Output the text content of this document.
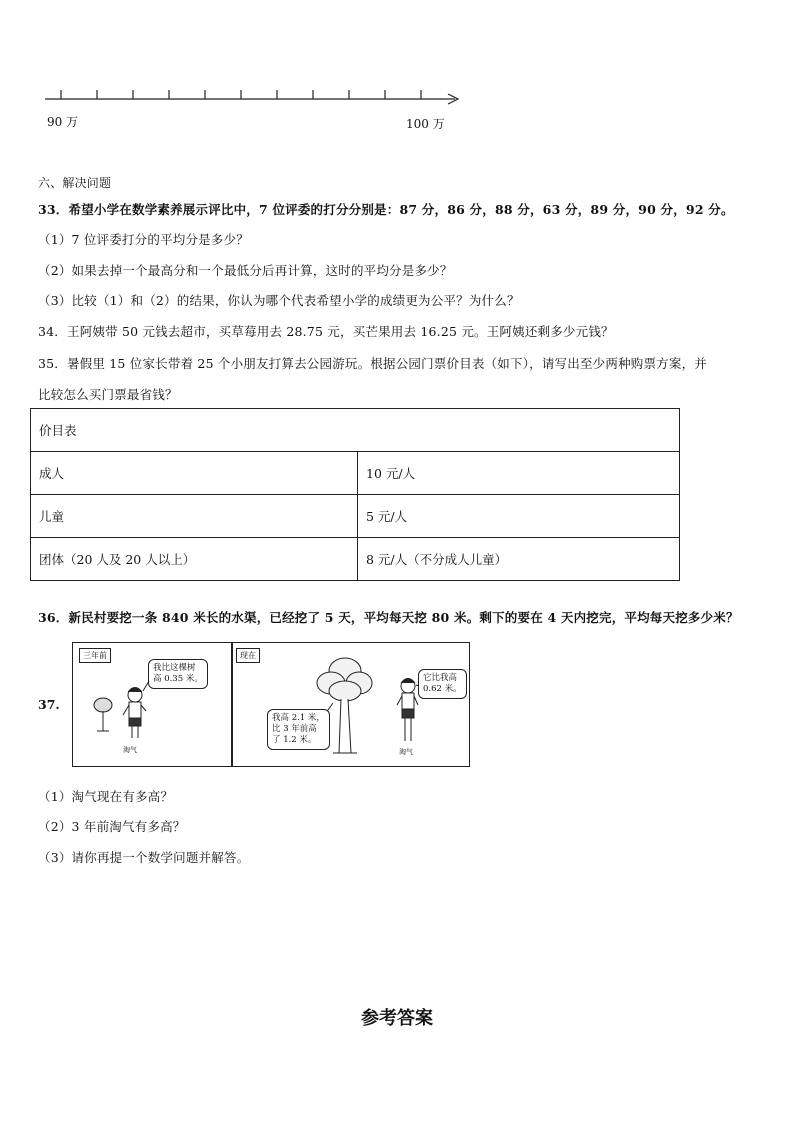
90 万	100 万
六、解决问题
33．希望小学在数学素养展示评比中，7 位评委的打分分别是：87 分，86 分，88 分，63 分，89 分，90 分，92 分。
（1）7 位评委打分的平均分是多少？
（2）如果去掉一个最高分和一个最低分后再计算，这时的平均分是多少？
（3）比较（1）和（2）的结果，你认为哪个代表希望小学的成绩更为公平？为什么？
34．王阿姨带 50 元钱去超市，买草莓用去 28.75 元，买芒果用去 16.25 元。王阿姨还剩多少元钱？
35．暑假里 15 位家长带着 25 个小朋友打算去公园游玩。根据公园门票价目表（如下），请写出至少两种购票方案，并
比较怎么买门票最省钱？
价目表	
成人	10 元/人
儿童	5 元/人
团体（20 人及 20 人以上）	8 元/人（不分成人儿童）
36．新民村要挖一条 840 米长的水渠，已经挖了 5 天，平均每天挖 80 米。剩下的要在 4 天内挖完，平均每天挖多少米？
37.
三年前
我比这棵树
高 0.35 米。
淘气
现在
它比我高
0.62 米。
我高 2.1 米，
比 3 年前高
了 1.2 米。
淘气
（1）淘气现在有多高？
（2）3 年前淘气有多高？
（3）请你再提一个数学问题并解答。
参考答案
